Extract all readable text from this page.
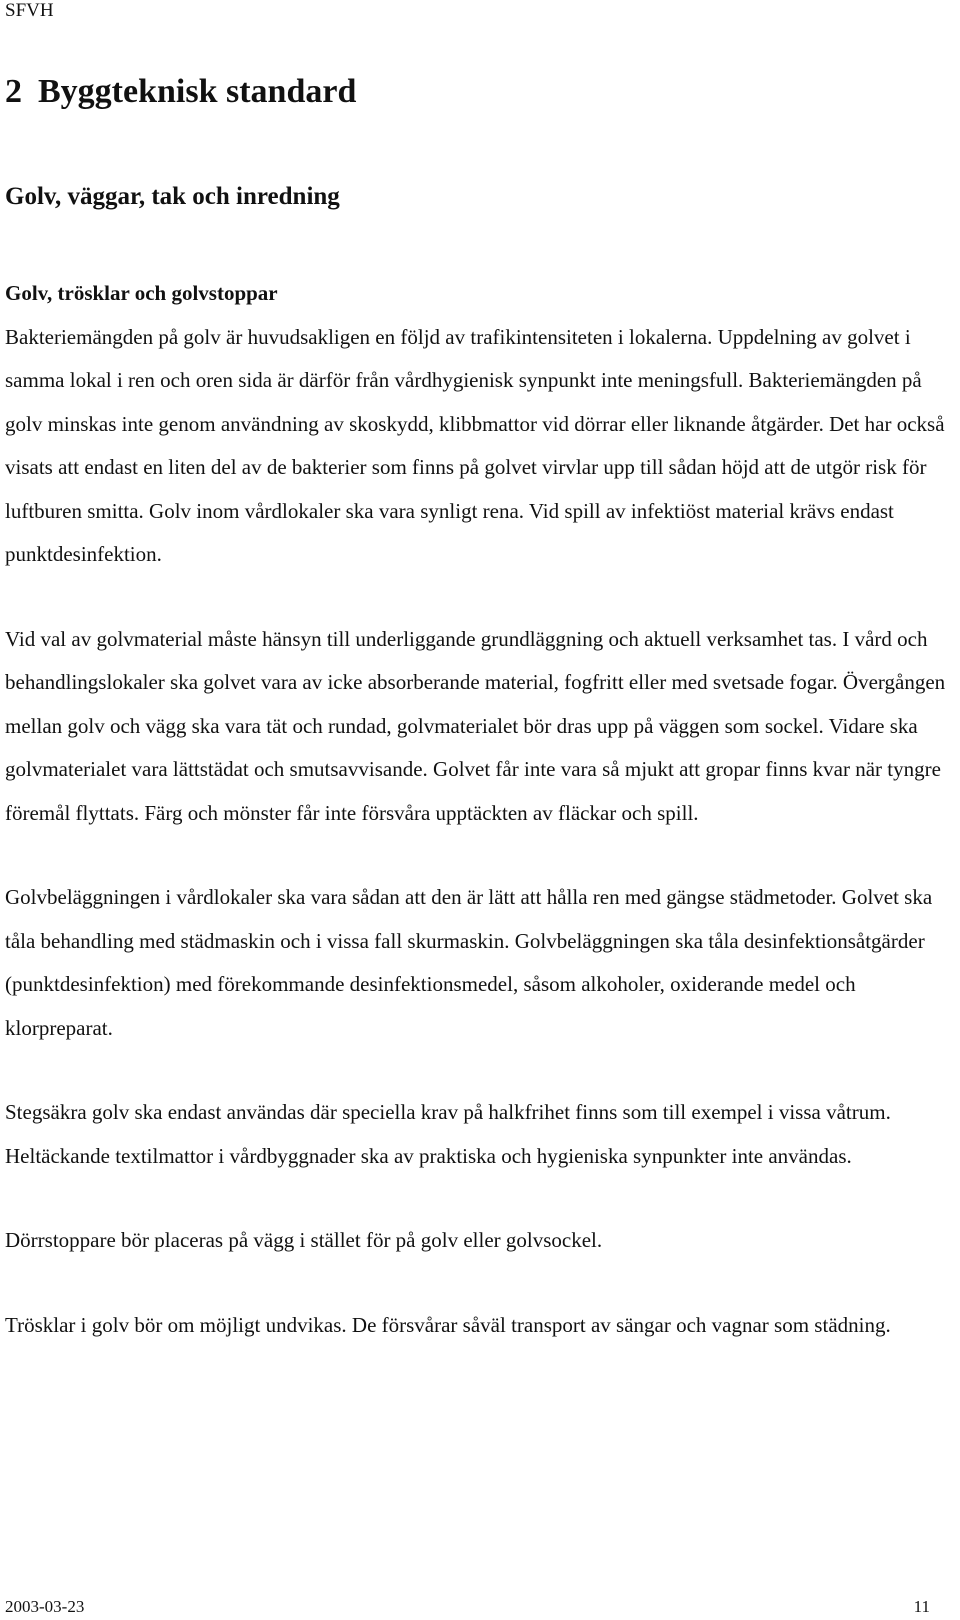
SFVH
2 Byggteknisk standard
Golv, väggar, tak och inredning
Golv, trösklar och golvstoppar

Bakteriemängden på golv är huvudsakligen en följd av trafikintensiteten i lokalerna. Uppdelning av golvet i samma lokal i ren och oren sida är därför från vårdhygienisk synpunkt inte meningsfull. Bakteriemängden på golv minskas inte genom användning av skoskydd, klibbmattor vid dörrar eller liknande åtgärder. Det har också visats att endast en liten del av de bakterier som finns på golvet virvlar upp till sådan höjd att de utgör risk för luftburen smitta. Golv inom vårdlokaler ska vara synligt rena. Vid spill av infektiöst material krävs endast punktdesinfektion.

Vid val av golvmaterial måste hänsyn till underliggande grundläggning och aktuell verksamhet tas. I vård och behandlingslokaler ska golvet vara av icke absorberande material, fogfritt eller med svetsade fogar. Övergången mellan golv och vägg ska vara tät och rundad, golvmaterialet bör dras upp på väggen som sockel. Vidare ska golvmaterialet vara lättstädat och smutsavvisande. Golvet får inte vara så mjukt att gropar finns kvar när tyngre föremål flyttats. Färg och mönster får inte försvåra upptäckten av fläckar och spill.

Golvbeläggningen i vårdlokaler ska vara sådan att den är lätt att hålla ren med gängse städmetoder. Golvet ska tåla behandling med städmaskin och i vissa fall skurmaskin. Golvbeläggningen ska tåla desinfektionsåtgärder (punktdesinfektion) med förekommande desinfektionsmedel, såsom alkoholer, oxiderande medel och klorpreparat.

Stegsäkra golv ska endast användas där speciella krav på halkfrihet finns som till exempel i vissa våtrum.

Heltäckande textilmattor i vårdbyggnader ska av praktiska och hygieniska synpunkter inte användas.

Dörrstoppare bör placeras på vägg i stället för på golv eller golvsockel.

Trösklar i golv bör om möjligt undvikas. De försvårar såväl transport av sängar och vagnar som städning.

2003-03-23	11
